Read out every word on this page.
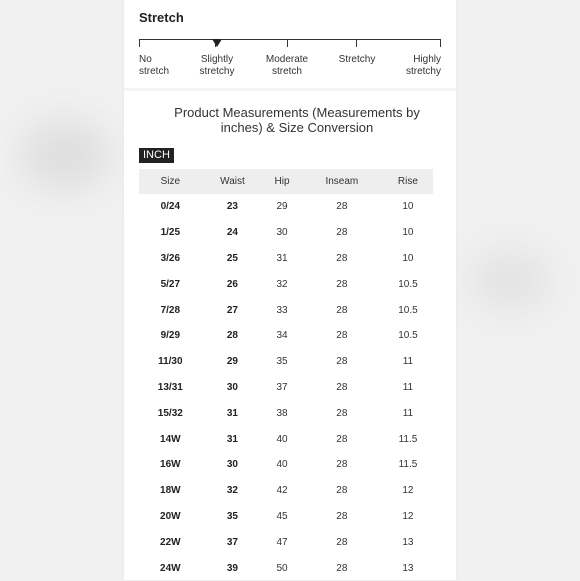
Stretch
No
stretch
Slightly
stretchy
Moderate
stretch
Stretchy	Highly
stretchy
Product Measurements (Measurements by
inches) & Size Conversion
INCH
Size	Waist	Hip	Inseam	Rise
0/24	23	29	28	10
1/25	24	30	28	10
3/26	25	31	28	10
5/27	26	32	28	10.5
7/28	27	33	28	10.5
9/29	28	34	28	10.5
11/30	29	35	28	11
13/31	30	37	28	11
15/32	31	38	28	11
14W	31	40	28	11.5
16W	30	40	28	11.5
18W	32	42	28	12
20W	35	45	28	12
22W	37	47	28	13
24W	39	50	28	13
